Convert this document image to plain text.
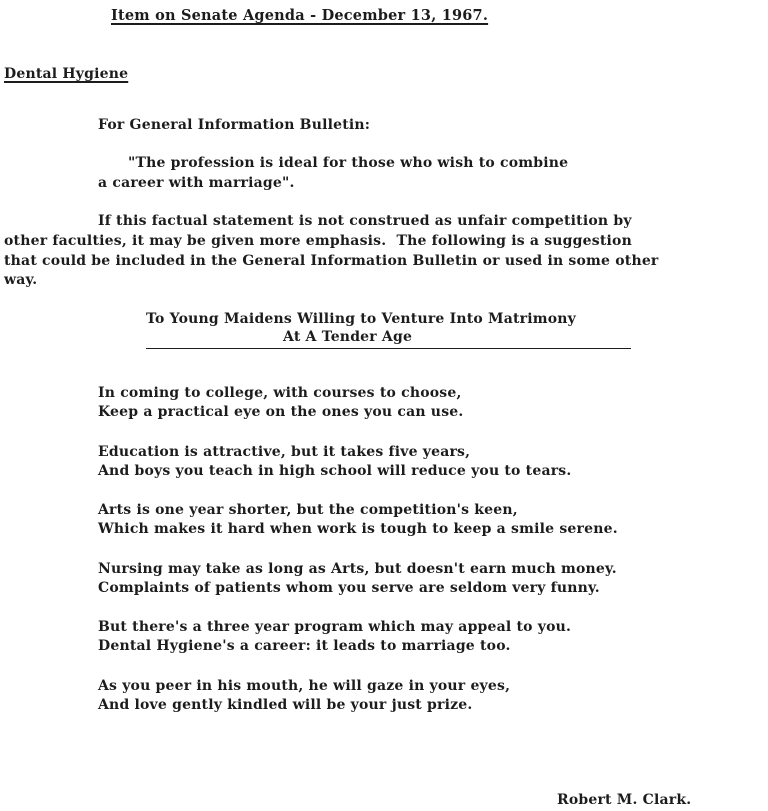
Item on Senate Agenda - December 13, 1967.
Dental Hygiene
For General Information Bulletin:
"The profession is ideal for those who wish to combine
a career with marriage".
If this factual statement is not construed as unfair competition by
other faculties, it may be given more emphasis.  The following is a suggestion
that could be included in the General Information Bulletin or used in some other
way.
To Young Maidens Willing to Venture Into Matrimony
At A Tender Age
In coming to college, with courses to choose,
Keep a practical eye on the ones you can use.
Education is attractive, but it takes five years,
And boys you teach in high school will reduce you to tears.
Arts is one year shorter, but the competition's keen,
Which makes it hard when work is tough to keep a smile serene.
Nursing may take as long as Arts, but doesn't earn much money.
Complaints of patients whom you serve are seldom very funny.
But there's a three year program which may appeal to you.
Dental Hygiene's a career: it leads to marriage too.
As you peer in his mouth, he will gaze in your eyes,
And love gently kindled will be your just prize.
Robert M. Clark.
